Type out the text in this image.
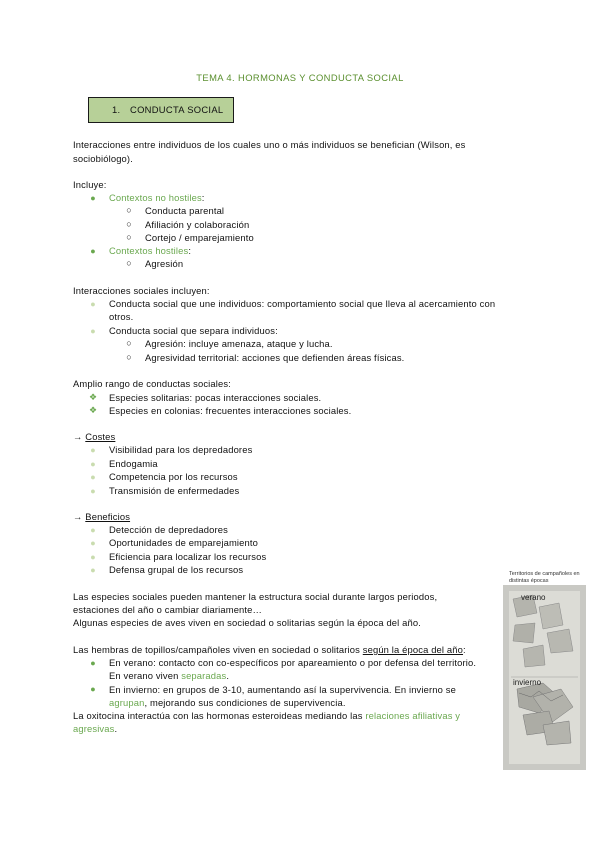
TEMA 4. HORMONAS Y CONDUCTA SOCIAL
1. CONDUCTA SOCIAL
Interacciones entre individuos de los cuales uno o más individuos se benefician (Wilson, es
sociobiólogo).
Incluye:
● Contextos no hostiles:
○ Conducta parental
○ Afiliación y colaboración
○ Cortejo / emparejamiento
● Contextos hostiles:
○ Agresión
Interacciones sociales incluyen:
● Conducta social que une individuos: comportamiento social que lleva al acercamiento con
otros.
● Conducta social que separa individuos:
○ Agresión: incluye amenaza, ataque y lucha.
○ Agresividad territorial: acciones que defienden áreas físicas.
Amplio rango de conductas sociales:
❖ Especies solitarias: pocas interacciones sociales.
❖ Especies en colonias: frecuentes interacciones sociales.
→ Costes
● Visibilidad para los depredadores
● Endogamia
● Competencia por los recursos
● Transmisión de enfermedades
→ Beneficios
● Detección de depredadores
● Oportunidades de emparejamiento
● Eficiencia para localizar los recursos
● Defensa grupal de los recursos
Las especies sociales pueden mantener la estructura social durante largos periodos,
estaciones del año o cambiar diariamente…
Algunas especies de aves viven en sociedad o solitarias según la época del año.
Las hembras de topillos/campañoles viven en sociedad o solitarios según la época del año:
● En verano: contacto con co-específicos por apareamiento o por defensa del territorio.
En verano viven separadas.
● En invierno: en grupos de 3-10, aumentando así la supervivencia. En invierno se
agrupan, mejorando sus condiciones de supervivencia.
La oxitocina interactúa con las hormonas esteroideas mediando las relaciones afiliativas y
agresivas.
Territorios de campañoles en distintas épocas
verano
invierno
